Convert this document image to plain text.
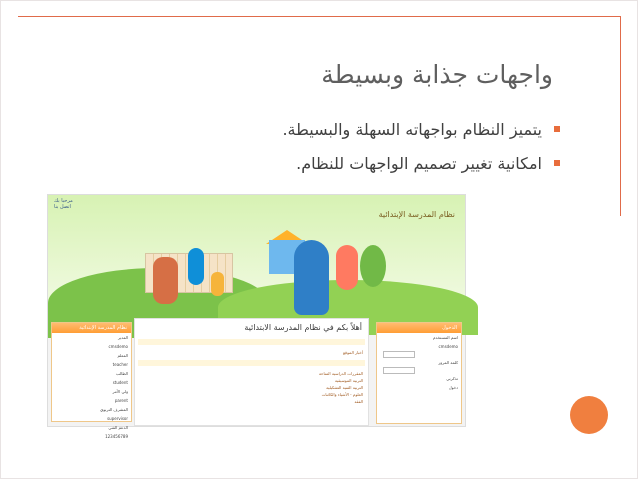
واجهات جذابة وبسيطة
يتميز النظام بواجهاته السهلة والبسيطة.
امكانية تغيير تصميم الواجهات للنظام.
نظام المدرسة الإبتدائية
مرحبا بك
اتصل بنا
نظام المدرسة الإبتدائية
المدير
cmsdemo
المعلم
teacher
الطالب
student
ولي الأمر
parent
المشرف التربوي
supervisor
الدعم الفني
123456789
أهلاً بكم في نظام المدرسة الابتدائية
أخبار الموقع
المقررات الدراسية المتاحة
التربية الموسيقية
التربية الفنية التشكيلية
العلوم - الأشياء والكائنات
الفقه
الدخول
اسم المستخدم
cmsdemo
كلمة المرور
تذكرني
دخول
